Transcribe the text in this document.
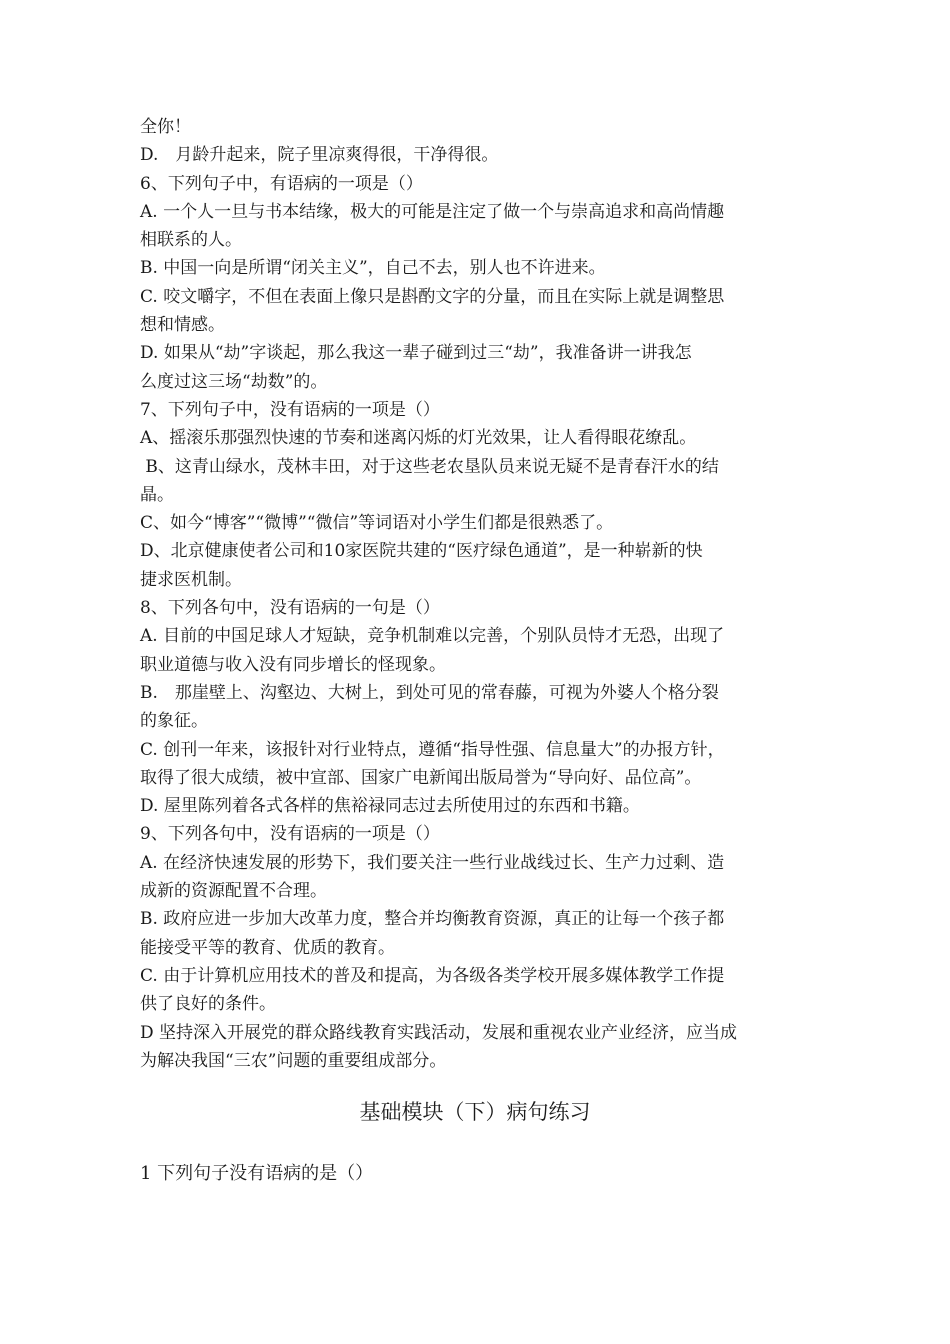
全你！
D.　月龄升起来，院子里凉爽得很，干净得很。
6、下列句子中，有语病的一项是（）
A. 一个人一旦与书本结缘，极大的可能是注定了做一个与崇高追求和高尚情趣
相联系的人。
B. 中国一向是所谓“闭关主义”，自己不去，别人也不许进来。
C. 咬文嚼字，不但在表面上像只是斟酌文字的分量，而且在实际上就是调整思
想和情感。
D. 如果从“劫”字谈起，那么我这一辈子碰到过三“劫”，我准备讲一讲我怎
么度过这三场“劫数”的。
7、下列句子中，没有语病的一项是（）
A、摇滚乐那强烈快速的节奏和迷离闪烁的灯光效果，让人看得眼花缭乱。
B、这青山绿水，茂林丰田，对于这些老农垦队员来说无疑不是青春汗水的结
晶。
C、如今“博客”“微博”“微信”等词语对小学生们都是很熟悉了。
D、北京健康使者公司和10家医院共建的“医疗绿色通道”，是一种崭新的快
捷求医机制。
8、下列各句中，没有语病的一句是（）
A. 目前的中国足球人才短缺，竞争机制难以完善，个别队员恃才无恐，出现了
职业道德与收入没有同步增长的怪现象。
B.　那崖壁上、沟壑边、大树上，到处可见的常春藤，可视为外婆人个格分裂
的象征。
C. 创刊一年来，该报针对行业特点，遵循“指导性强、信息量大”的办报方针，
取得了很大成绩，被中宣部、国家广电新闻出版局誉为“导向好、品位高”。
D. 屋里陈列着各式各样的焦裕禄同志过去所使用过的东西和书籍。
9、下列各句中，没有语病的一项是（）
A. 在经济快速发展的形势下，我们要关注一些行业战线过长、生产力过剩、造
成新的资源配置不合理。
B. 政府应进一步加大改革力度，整合并均衡教育资源，真正的让每一个孩子都
能接受平等的教育、优质的教育。
C. 由于计算机应用技术的普及和提高，为各级各类学校开展多媒体教学工作提
供了良好的条件。
D 坚持深入开展党的群众路线教育实践活动，发展和重视农业产业经济，应当成
为解决我国“三农”问题的重要组成部分。
基础模块（下）病句练习
1 下列句子没有语病的是（）
